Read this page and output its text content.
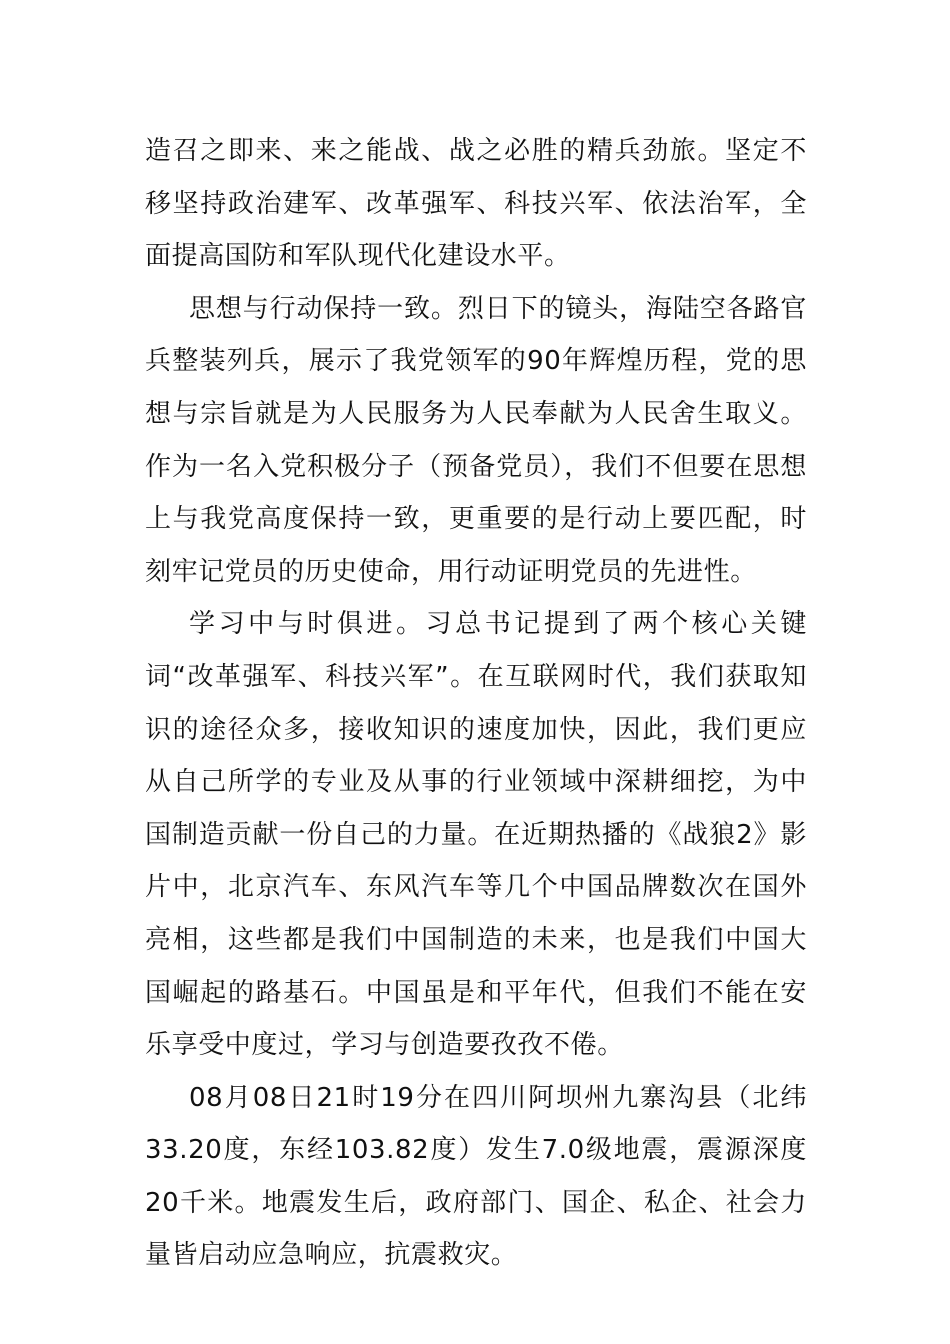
造召之即来、来之能战、战之必胜的精兵劲旅。坚定不移坚持政治建军、改革强军、科技兴军、依法治军，全面提高国防和军队现代化建设水平。

思想与行动保持一致。烈日下的镜头，海陆空各路官兵整装列兵，展示了我党领军的90年辉煌历程，党的思想与宗旨就是为人民服务为人民奉献为人民舍生取义。作为一名入党积极分子（预备党员），我们不但要在思想上与我党高度保持一致，更重要的是行动上要匹配，时刻牢记党员的历史使命，用行动证明党员的先进性。

学习中与时俱进。习总书记提到了两个核心关键词“改革强军、科技兴军”。在互联网时代，我们获取知识的途径众多，接收知识的速度加快，因此，我们更应从自己所学的专业及从事的行业领域中深耕细挖，为中国制造贡献一份自己的力量。在近期热播的《战狼2》影片中，北京汽车、东风汽车等几个中国品牌数次在国外亮相，这些都是我们中国制造的未来，也是我们中国大国崛起的路基石。中国虽是和平年代，但我们不能在安乐享受中度过，学习与创造要孜孜不倦。

08月08日21时19分在四川阿坝州九寨沟县（北纬33.20度，东经103.82度）发生7.0级地震，震源深度20千米。地震发生后，政府部门、国企、私企、社会力量皆启动应急响应，抗震救灾。
